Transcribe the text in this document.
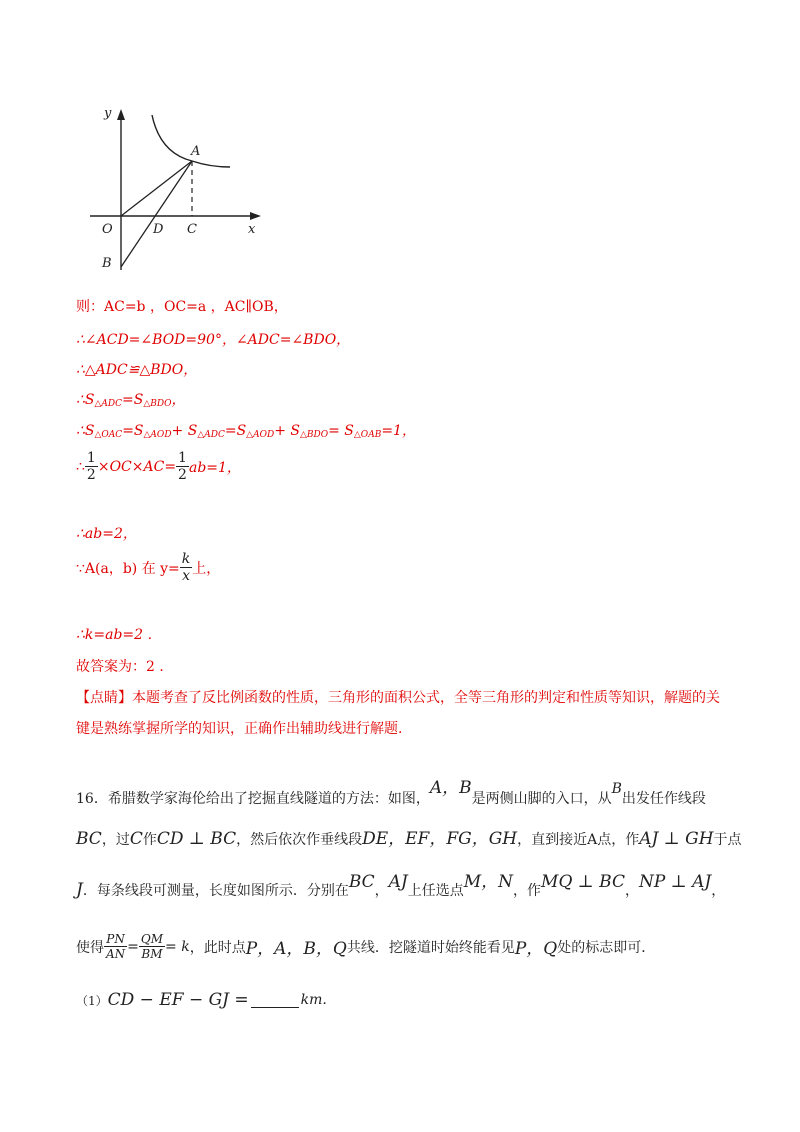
y
x
A
O	D C
B
则：AC=b ，OC=a ，AC∥OB，
∴∠ACD=∠BOD=90°，∠ADC=∠BDO，
∴△ADC≌△BDO，
$\therefore S_{\triangle ADC}=S_{\triangle BDO}$，
$\therefore S_{\triangle OAC}=S_{\triangle AOD}+ S_{\triangle ADC}=S_{\triangle AOD}+ S_{\triangle BDO}= S_{\triangle OAB}=1$，
∴ $\frac{1}{2} \times OC\times AC= \frac{1}{2} ab=1$，
∴ab=2，
∵A(a，b) 在 $y= \frac{k}{x}$ 上，
∴k=ab=2 ．
故答案为：2 ．
【点睛】本题考查了反比例函数的性质，三角形的面积公式，全等三角形的判定和性质等知识，解题的关
键是熟练掌握所学的知识，正确作出辅助线进行解题.
16．希腊数学家海伦给出了挖掘直线隧道的方法：如图，A，B是两侧山脚的入口，从B出发任作线段
BC，过C作CD ⊥ BC，然后依次作垂线段DE，EF，FG，GH，直到接近A点，作AJ ⊥ GH于点
J．每条线段可测量，长度如图所示．分别在BC，AJ上任选点M，N，作MQ ⊥ BC，NP ⊥ AJ，
使得 $\frac{PN}{AN} = \frac{QM}{BM} = k$ ，此时点 P，A，B，Q 共线．挖隧道时始终能看见 P，Q 处的标志即可．
（1） CD − EF − GJ =	km.
